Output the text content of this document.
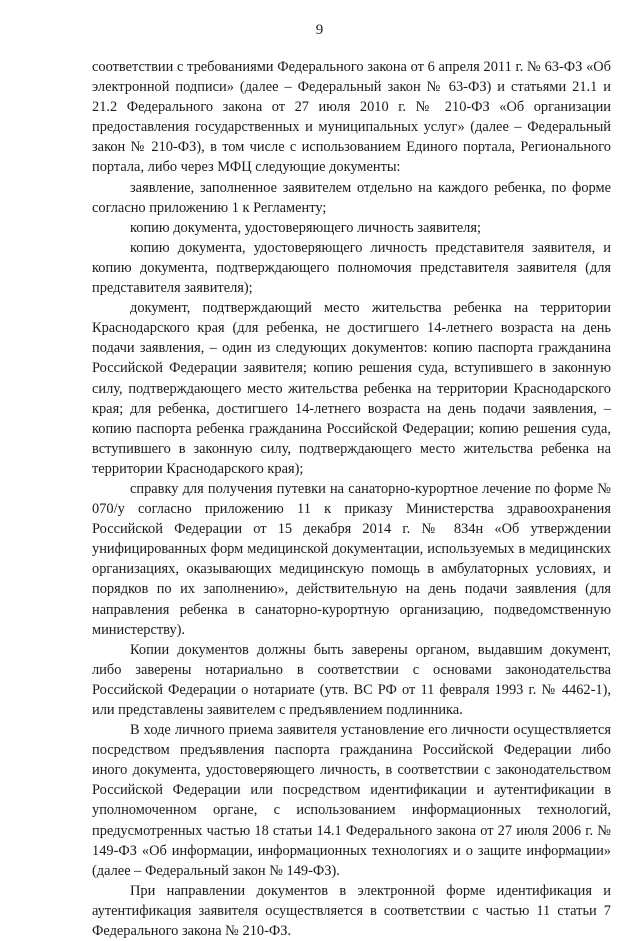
9

соответствии с требованиями Федерального закона от 6 апреля 2011 г. № 63-ФЗ «Об электронной подписи» (далее – Федеральный закон № 63-ФЗ) и статьями 21.1 и 21.2 Федерального закона от 27 июля 2010 г. № 210-ФЗ «Об организации предоставления государственных и муниципальных услуг» (далее – Федеральный закон № 210-ФЗ), в том числе с использованием Единого портала, Регионального портала, либо через МФЦ следующие документы:

заявление, заполненное заявителем отдельно на каждого ребенка, по форме согласно приложению 1 к Регламенту;

копию документа, удостоверяющего личность заявителя;

копию документа, удостоверяющего личность представителя заявителя, и копию документа, подтверждающего полномочия представителя заявителя (для представителя заявителя);

документ, подтверждающий место жительства ребенка на территории Краснодарского края (для ребенка, не достигшего 14-летнего возраста на день подачи заявления, – один из следующих документов: копию паспорта гражданина Российской Федерации заявителя; копию решения суда, вступившего в законную силу, подтверждающего место жительства ребенка на территории Краснодарского края; для ребенка, достигшего 14-летнего возраста на день подачи заявления, – копию паспорта ребенка гражданина Российской Федерации; копию решения суда, вступившего в законную силу, подтверждающего место жительства ребенка на территории Краснодарского края);

справку для получения путевки на санаторно-курортное лечение по форме № 070/у согласно приложению 11 к приказу Министерства здравоохранения Российской Федерации от 15 декабря 2014 г. № 834н «Об утверждении унифицированных форм медицинской документации, используемых в медицинских организациях, оказывающих медицинскую помощь в амбулаторных условиях, и порядков по их заполнению», действительную на день подачи заявления (для направления ребенка в санаторно-курортную организацию, подведомственную министерству).

Копии документов должны быть заверены органом, выдавшим документ, либо заверены нотариально в соответствии с основами законодательства Российской Федерации о нотариате (утв. ВС РФ от 11 февраля 1993 г. № 4462-1), или представлены заявителем с предъявлением подлинника.

В ходе личного приема заявителя установление его личности осуществляется посредством предъявления паспорта гражданина Российской Федерации либо иного документа, удостоверяющего личность, в соответствии с законодательством Российской Федерации или посредством идентификации и аутентификации в уполномоченном органе, с использованием информационных технологий, предусмотренных частью 18 статьи 14.1 Федерального закона от 27 июля 2006 г. № 149-ФЗ «Об информации, информационных технологиях и о защите информации» (далее – Федеральный закон № 149-ФЗ).

При направлении документов в электронной форме идентификация и аутентификация заявителя осуществляется в соответствии с частью 11 статьи 7 Федерального закона № 210-ФЗ.
